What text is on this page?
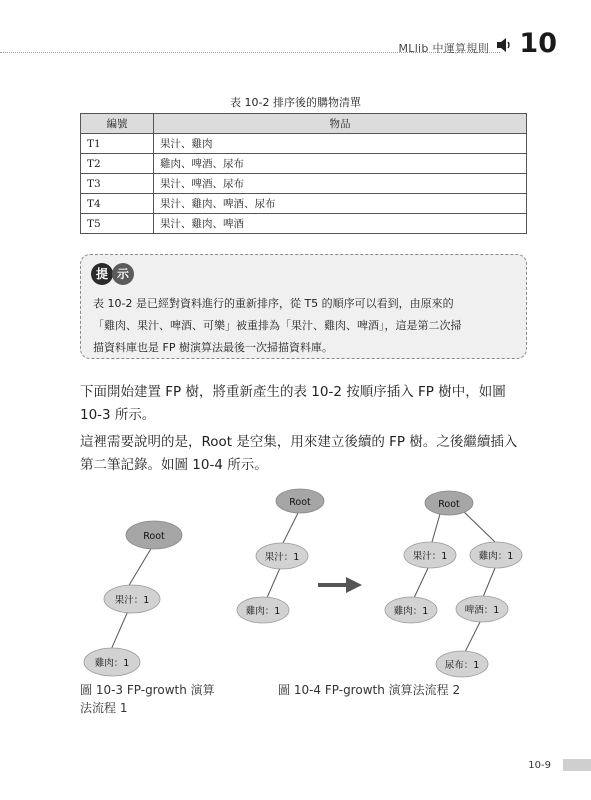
MLlib 中運算規則 10
表 10-2 排序後的購物清單
編號	物品
T1	果汁、雞肉
T2	雞肉、啤酒、尿布
T3	果汁、啤酒、尿布
T4	果汁、雞肉、啤酒、尿布
T5	果汁、雞肉、啤酒
提 示
表 10-2 是已經對資料進行的重新排序，從 T5 的順序可以看到，由原來的
「雞肉、果汁、啤酒、可樂」被重排為「果汁、雞肉、啤酒」，這是第二次掃
描資料庫也是 FP 樹演算法最後一次掃描資料庫。
下面開始建置 FP 樹，將重新產生的表 10-2 按順序插入 FP 樹中，如圖 10-3 所示。
這裡需要說明的是，Root 是空集，用來建立後續的 FP 樹。之後繼續插入第二筆記錄。如圖 10-4 所示。
Root
果汁：1
雞肉：1
Root
果汁：1
雞肉：1
Root
果汁：1	雞肉：1
雞肉：1	啤酒：1
尿布：1
圖 10-3 FP-growth 演算法流程 1
圖 10-4 FP-growth 演算法流程 2
10-9
